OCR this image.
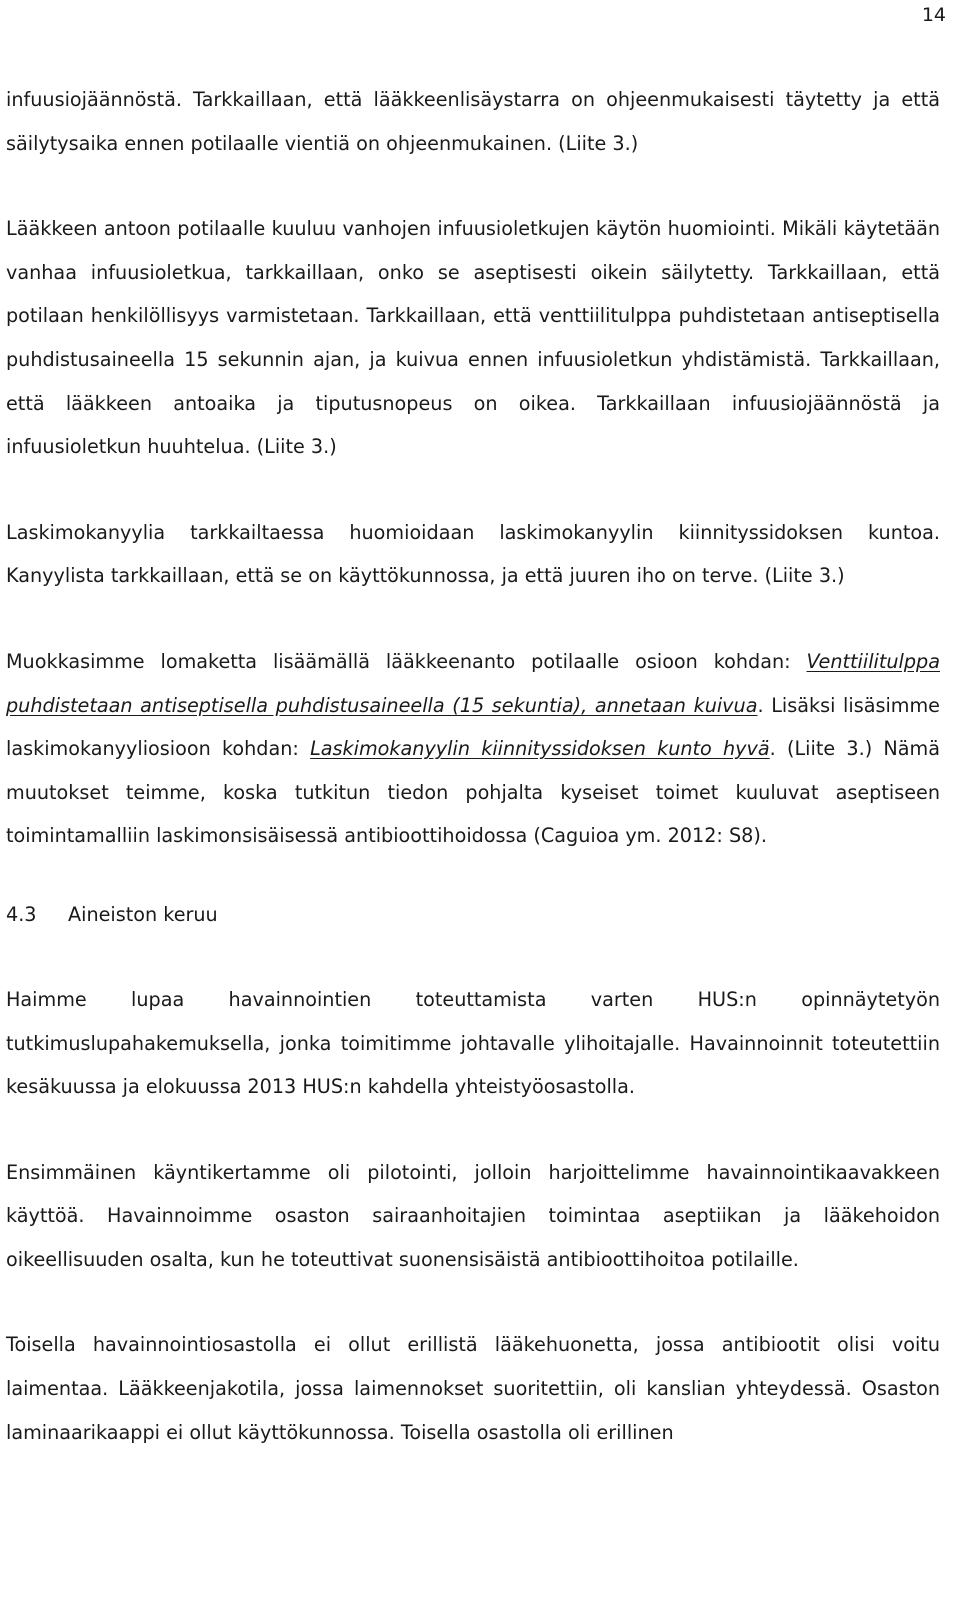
14

infuusiojäännöstä. Tarkkaillaan, että lääkkeenlisäystarra on ohjeenmukaisesti täytetty ja että säilytysaika ennen potilaalle vientiä on ohjeenmukainen. (Liite 3.)

Lääkkeen antoon potilaalle kuuluu vanhojen infuusioletkujen käytön huomiointi. Mikäli käytetään vanhaa infuusioletkua, tarkkaillaan, onko se aseptisesti oikein säilytetty. Tarkkaillaan, että potilaan henkilöllisyys varmistetaan. Tarkkaillaan, että venttiilitulppa puhdistetaan antiseptisella puhdistusaineella 15 sekunnin ajan, ja kuivua ennen infuusioletkun yhdistämistä. Tarkkaillaan, että lääkkeen antoaika ja tiputusnopeus on oikea. Tarkkaillaan infuusiojäännöstä ja infuusioletkun huuhtelua. (Liite 3.)

Laskimokanyylia tarkkailtaessa huomioidaan laskimokanyylin kiinnityssidoksen kuntoa. Kanyylista tarkkaillaan, että se on käyttökunnossa, ja että juuren iho on terve. (Liite 3.)

Muokkasimme lomaketta lisäämällä lääkkeenanto potilaalle osioon kohdan: Venttiilitulppa puhdistetaan antiseptisella puhdistusaineella (15 sekuntia), annetaan kuivua. Lisäksi lisäsimme laskimokanyyliosioon kohdan: Laskimokanyylin kiinnityssidoksen kunto hyvä. (Liite 3.) Nämä muutokset teimme, koska tutkitun tiedon pohjalta kyseiset toimet kuuluvat aseptiseen toimintamalliin laskimonsisäisessä antibioottihoidossa (Caguioa ym. 2012: S8).

4.3 Aineiston keruu

Haimme lupaa havainnointien toteuttamista varten HUS:n opinnäytetyön tutkimuslupahakemuksella, jonka toimitimme johtavalle ylihoitajalle. Havainnoinnit toteutettiin kesäkuussa ja elokuussa 2013 HUS:n kahdella yhteistyöosastolla.

Ensimmäinen käyntikertamme oli pilotointi, jolloin harjoittelimme havainnointikaavakkeen käyttöä. Havainnoimme osaston sairaanhoitajien toimintaa aseptiikan ja lääkehoidon oikeellisuuden osalta, kun he toteuttivat suonensisäistä antibioottihoitoa potilaille.

Toisella havainnointiosastolla ei ollut erillistä lääkehuonetta, jossa antibiootit olisi voitu laimentaa. Lääkkeenjakotila, jossa laimennokset suoritettiin, oli kanslian yhteydessä. Osaston laminaarikaappi ei ollut käyttökunnossa. Toisella osastolla oli erillinen
